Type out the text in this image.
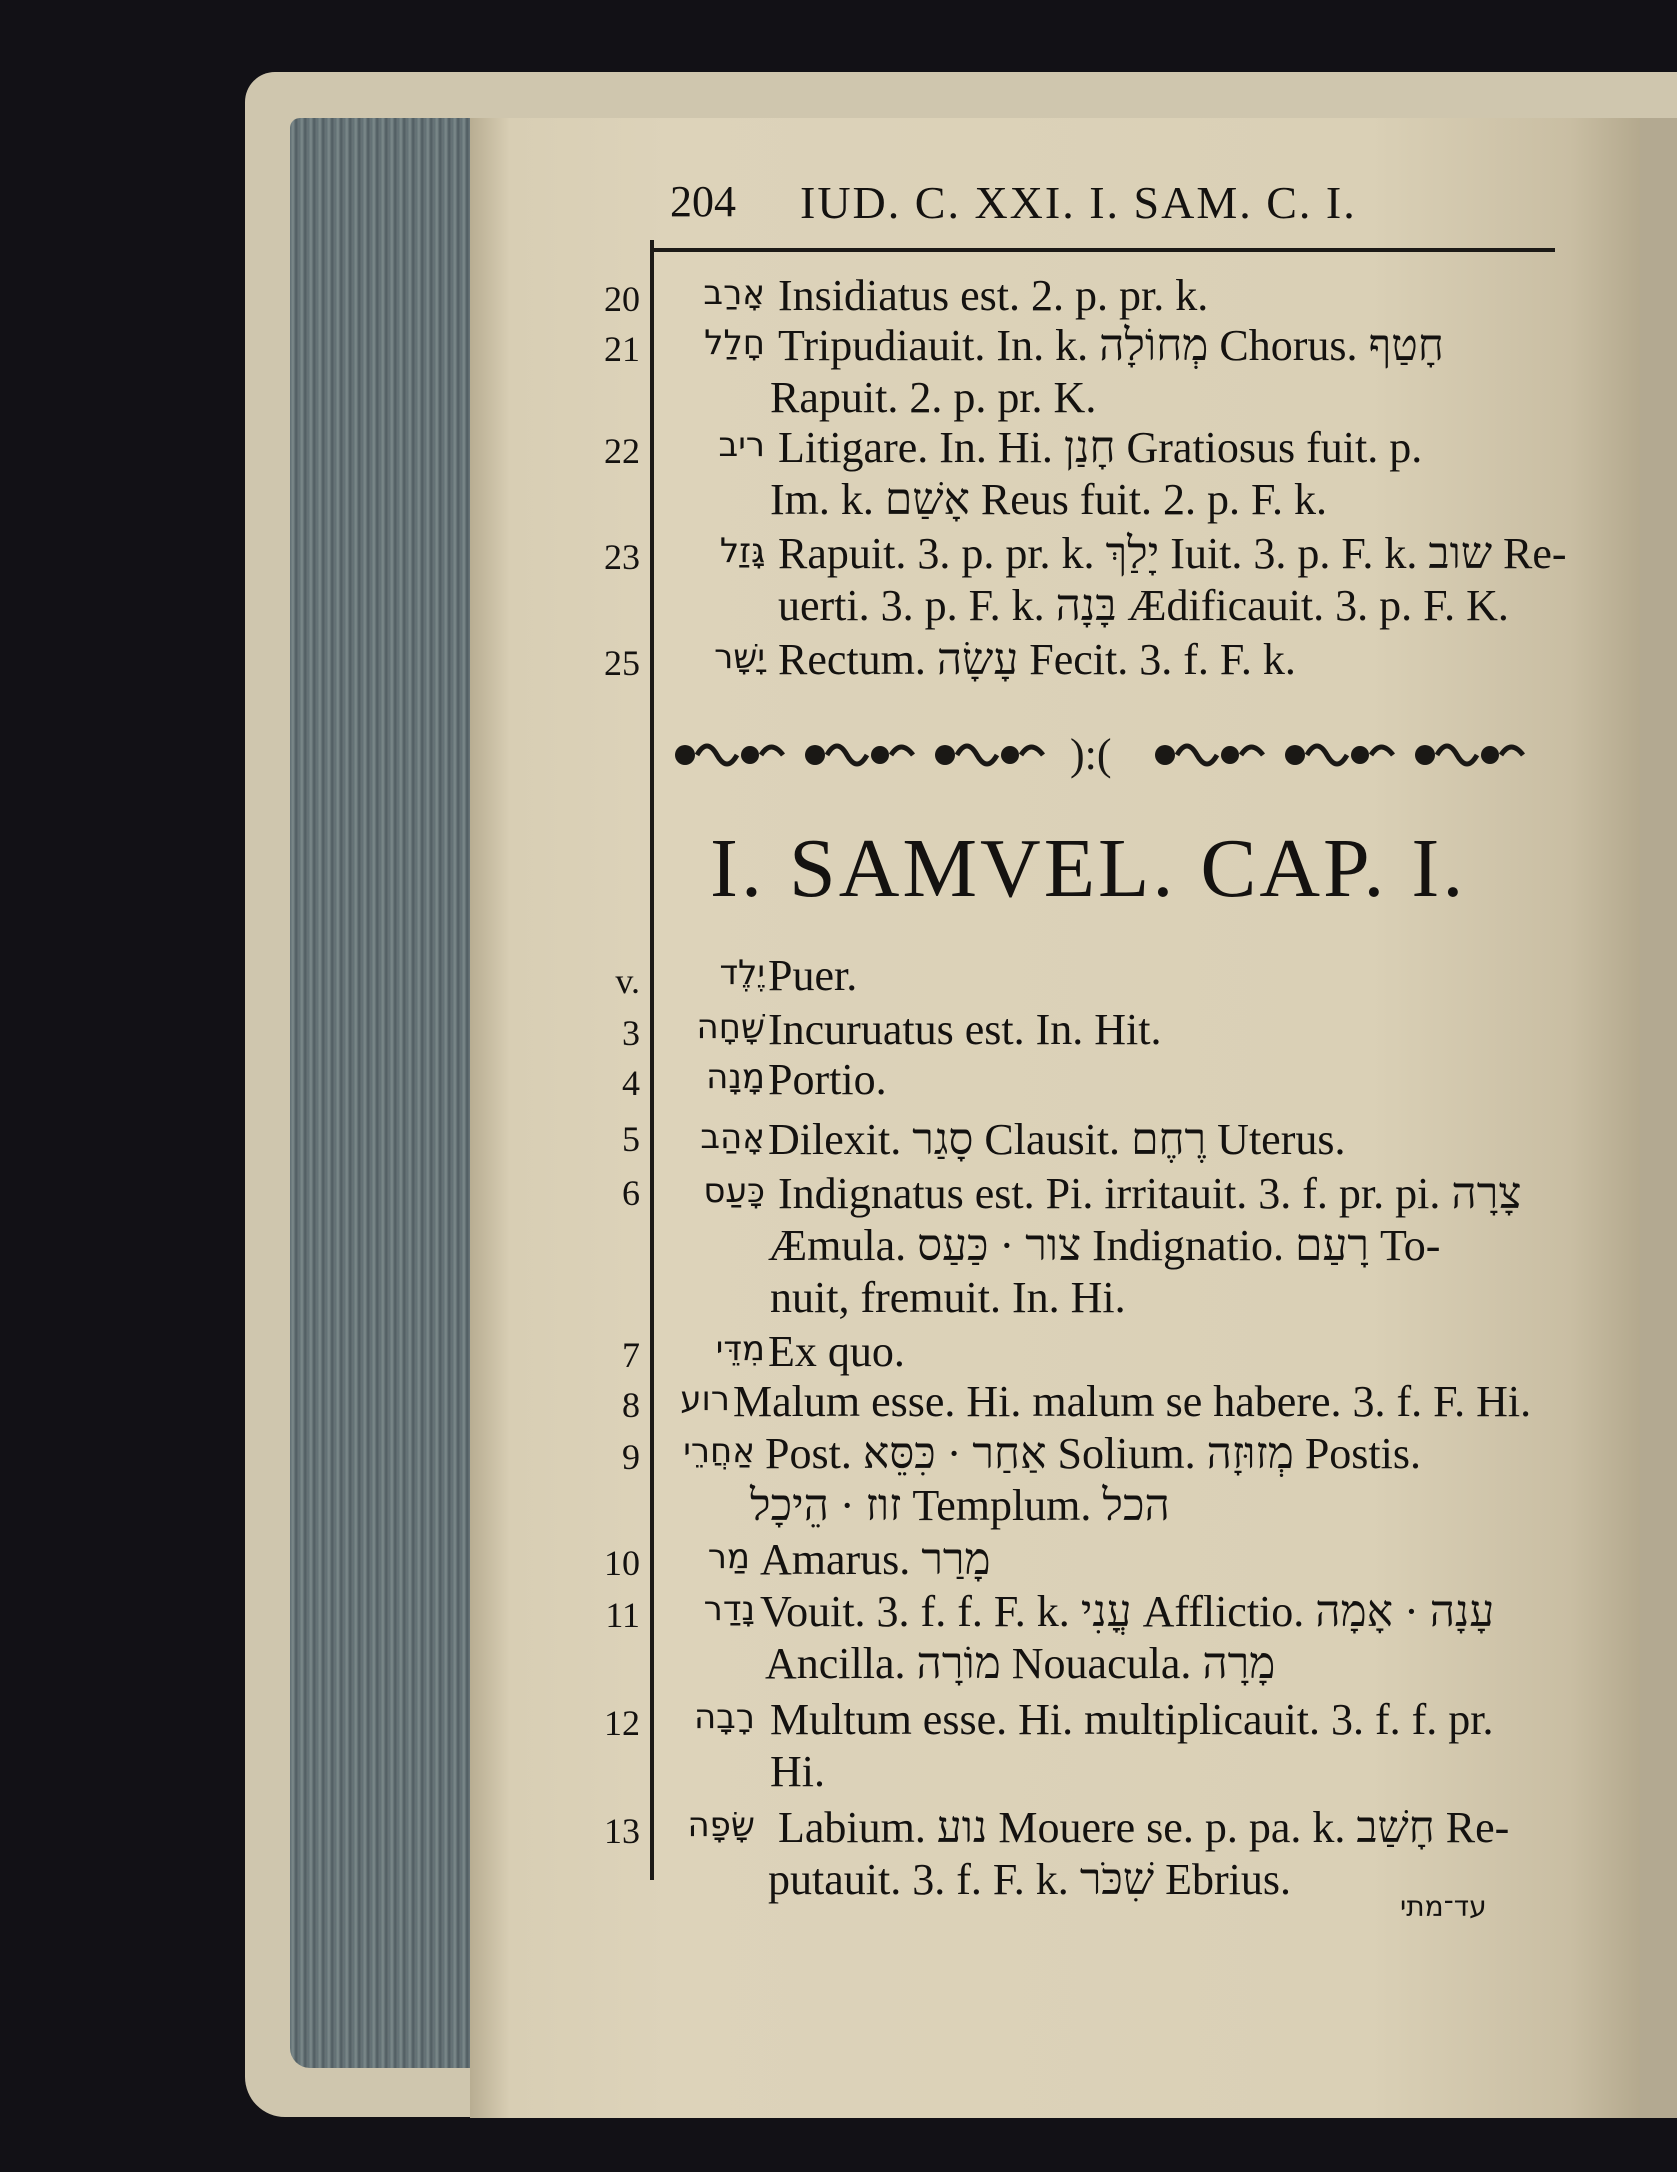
204 IUD. C. XXI. I. SAM. C. I.
20	אָרַב Insidiatus est. 2. p. pr. k.
21	חָלַל Tripudiauit. In. k. מְחוֹלָה Chorus. חָטַף
Rapuit. 2. p. pr. K.
22	ריב Litigare. In. Hi. חָנַן Gratiosus fuit. p.
Im. k. אָשַׁם Reus fuit. 2. p. F. k.
23	גָּזַל Rapuit. 3. p. pr. k. יָלַךְ Iuit. 3. p. F. k. שוב Re-
uerti. 3. p. F. k. בָּנָה Ædificauit. 3. p. F. K.
25	יָשָׁר Rectum. עָשָׂה Fecit. 3. f. F. k.
):(
I. SAMVEL. CAP. I.
v.	יֶלֶד Puer.
3	שָׁחָה Incuruatus est. In. Hit.
4	מָנָה Portio.
5	אָהַב Dilexit. סָגַר Clausit. רֶחֶם Uterus.
6	כָּעַס Indignatus est. Pi. irritauit. 3. f. pr. pi. צָרָה
Æmula. צור · כַּעַס Indignatio. רָעַם To-
nuit, fremuit. In. Hi.
7	מִדֵּי Ex quo.
8	רוע Malum esse. Hi. malum se habere. 3. f. F. Hi.
9	אַחֲרֵי Post. אַחַר · כִּסֵּא Solium. מְזוּזָה Postis.
זוז · הֵיכָל Templum. הכל
10	מַר Amarus. מָרַר
11	נָדַר Vouit. 3. f. f. F. k. עֳנִי Afflictio. עָנָה · אָמָה
Ancilla. מוֹרָה Nouacula. מָרָה
12	רָבָה Multum esse. Hi. multiplicauit. 3. f. f. pr.
Hi.
13	שָׂפָה Labium. נוע Mouere se. p. pa. k. חָשַׁב Re-
putauit. 3. f. F. k. שִׁכֹּר Ebrius.
עד־מתי
